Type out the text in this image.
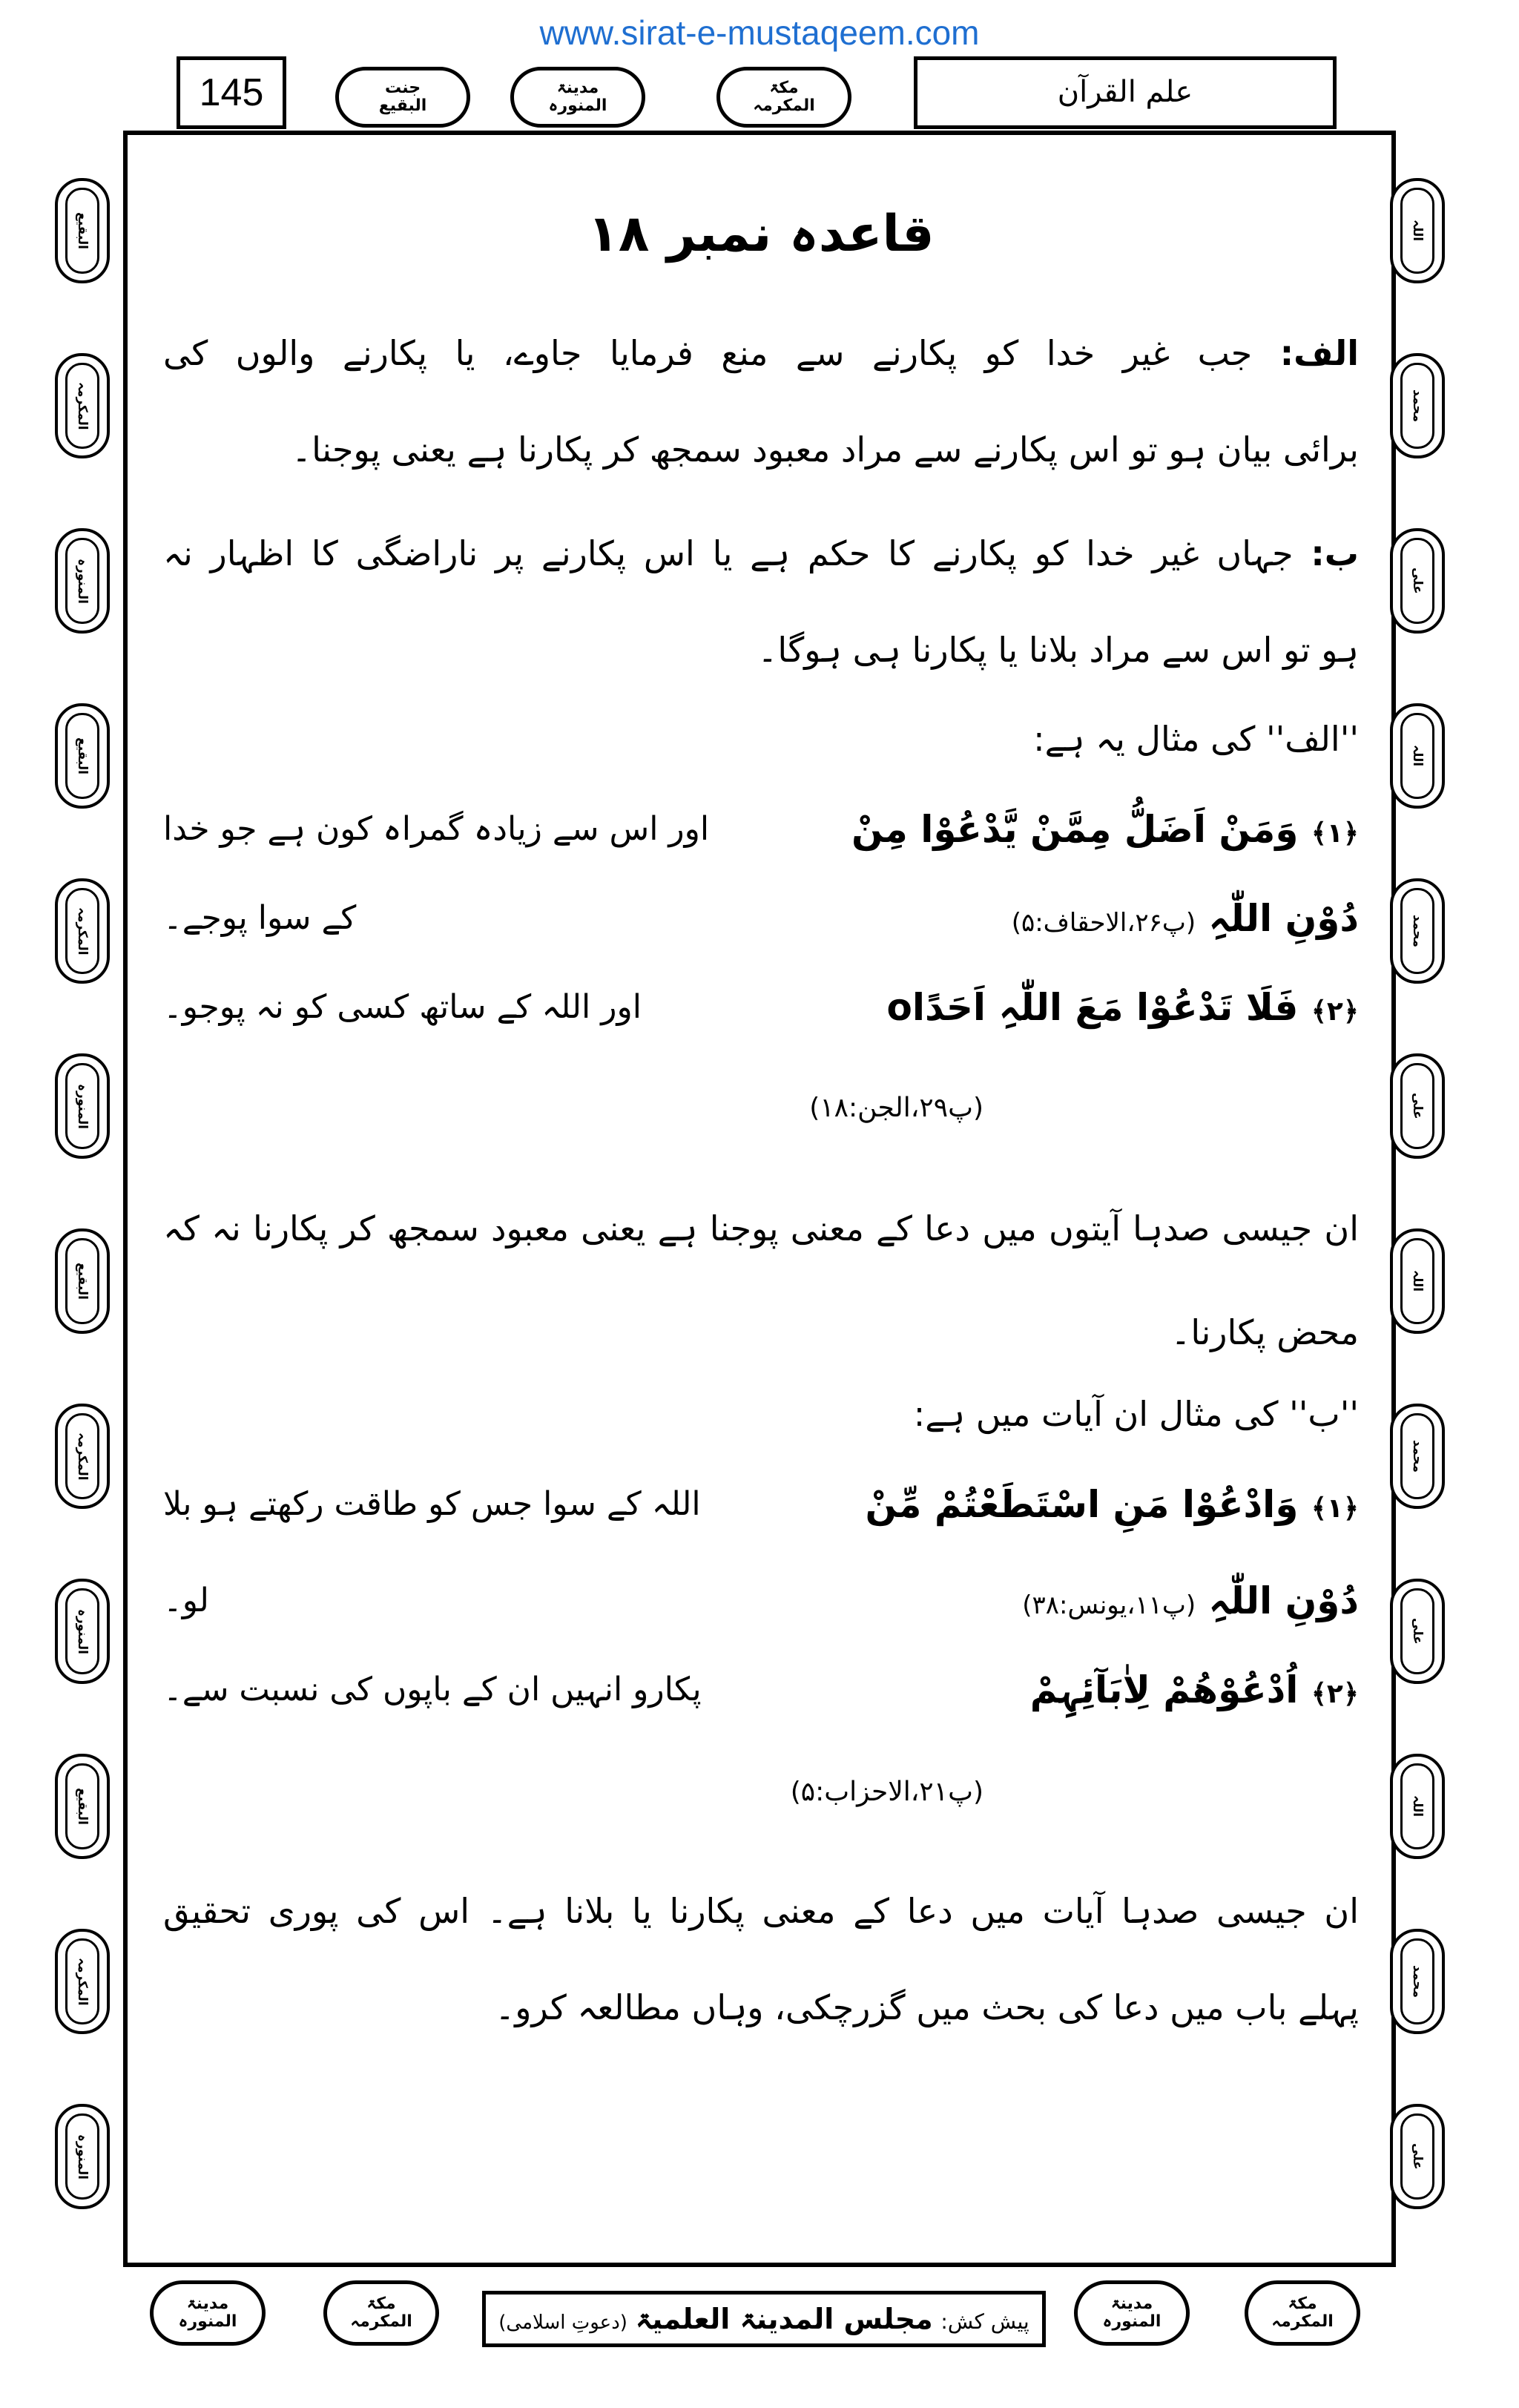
www.sirat-e-mustaqeem.com
145	جنت
البقیع
مدینۃ
المنورہ
مکۃ
المکرمہ	علم القرآن
البقیع
المکرمہ
المنورہ
البقیع
المکرمہ
المنورہ
البقیع
المکرمہ
المنورہ
البقیع
المکرمہ
المنورہ
اللہ
محمد
علی
اللہ
محمد
علی
اللہ
محمد
علی
اللہ
محمد
علی
قاعدہ نمبر ۱۸
الف: جب غیر خدا کو پکارنے سے منع فرمایا جاوے، یا پکارنے والوں کی
برائی بیان ہو تو اس پکارنے سے مراد معبود سمجھ کر پکارنا ہے یعنی پوجنا۔
ب: جہاں غیر خدا کو پکارنے کا حکم ہے یا اس پکارنے پر ناراضگی کا اظہار نہ
ہو تو اس سے مراد بلانا یا پکارنا ہی ہوگا۔
''الف'' کی مثال یہ ہے:
﴿۱﴾ وَمَنْ اَضَلُّ مِمَّنْ یَّدْعُوْا مِنْ
اور اس سے زیادہ گمراہ کون ہے جو خدا
دُوْنِ اللّٰہِ (پ۲۶،الاحقاف:۵)
کے سوا پوجے۔
﴿۲﴾ فَلَا تَدْعُوْا مَعَ اللّٰہِ اَحَدًاo
اور اللہ کے ساتھ کسی کو نہ پوجو۔
(پ۲۹،الجن:۱۸)
ان جیسی صدہا آیتوں میں دعا کے معنی پوجنا ہے یعنی معبود سمجھ کر پکارنا نہ کہ
محض پکارنا۔
''ب'' کی مثال ان آیات میں ہے:
﴿۱﴾ وَادْعُوْا مَنِ اسْتَطَعْتُمْ مِّنْ
اللہ کے سوا جس کو طاقت رکھتے ہو بلا
دُوْنِ اللّٰہِ (پ۱۱،یونس:۳۸)
لو۔
﴿۲﴾ اُدْعُوْھُمْ لِاٰبَآئِہِمْ
پکارو انہیں ان کے باپوں کی نسبت سے۔
(پ۲۱،الاحزاب:۵)
ان جیسی صدہا آیات میں دعا کے معنی پکارنا یا بلانا ہے۔ اس کی پوری تحقیق
پہلے باب میں دعا کی بحث میں گزرچکی، وہاں مطالعہ کرو۔
مدینۃ
المنورہ
مکۃ
المکرمہ	پیش کش: مجلس المدینۃ العلمیۃ (دعوتِ اسلامی)
مدینۃ
المنورہ
مکۃ
المکرمہ
